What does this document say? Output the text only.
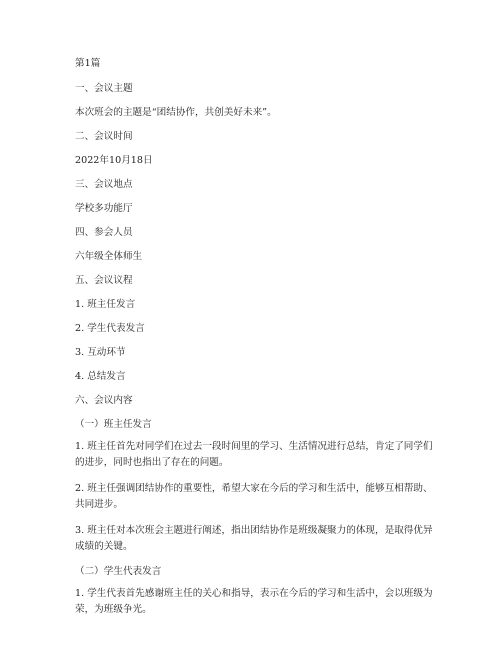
第1篇

一、会议主题

本次班会的主题是“团结协作，共创美好未来”。

二、会议时间

2022年10月18日

三、会议地点

学校多功能厅

四、参会人员

六年级全体师生

五、会议议程

1. 班主任发言

2. 学生代表发言

3. 互动环节

4. 总结发言

六、会议内容

（一）班主任发言

1. 班主任首先对同学们在过去一段时间里的学习、生活情况进行总结，肯定了同学们的进步，同时也指出了存在的问题。

2. 班主任强调团结协作的重要性，希望大家在今后的学习和生活中，能够互相帮助、共同进步。

3. 班主任对本次班会主题进行阐述，指出团结协作是班级凝聚力的体现，是取得优异成绩的关键。

（二）学生代表发言

1. 学生代表首先感谢班主任的关心和指导，表示在今后的学习和生活中，会以班级为荣，为班级争光。
